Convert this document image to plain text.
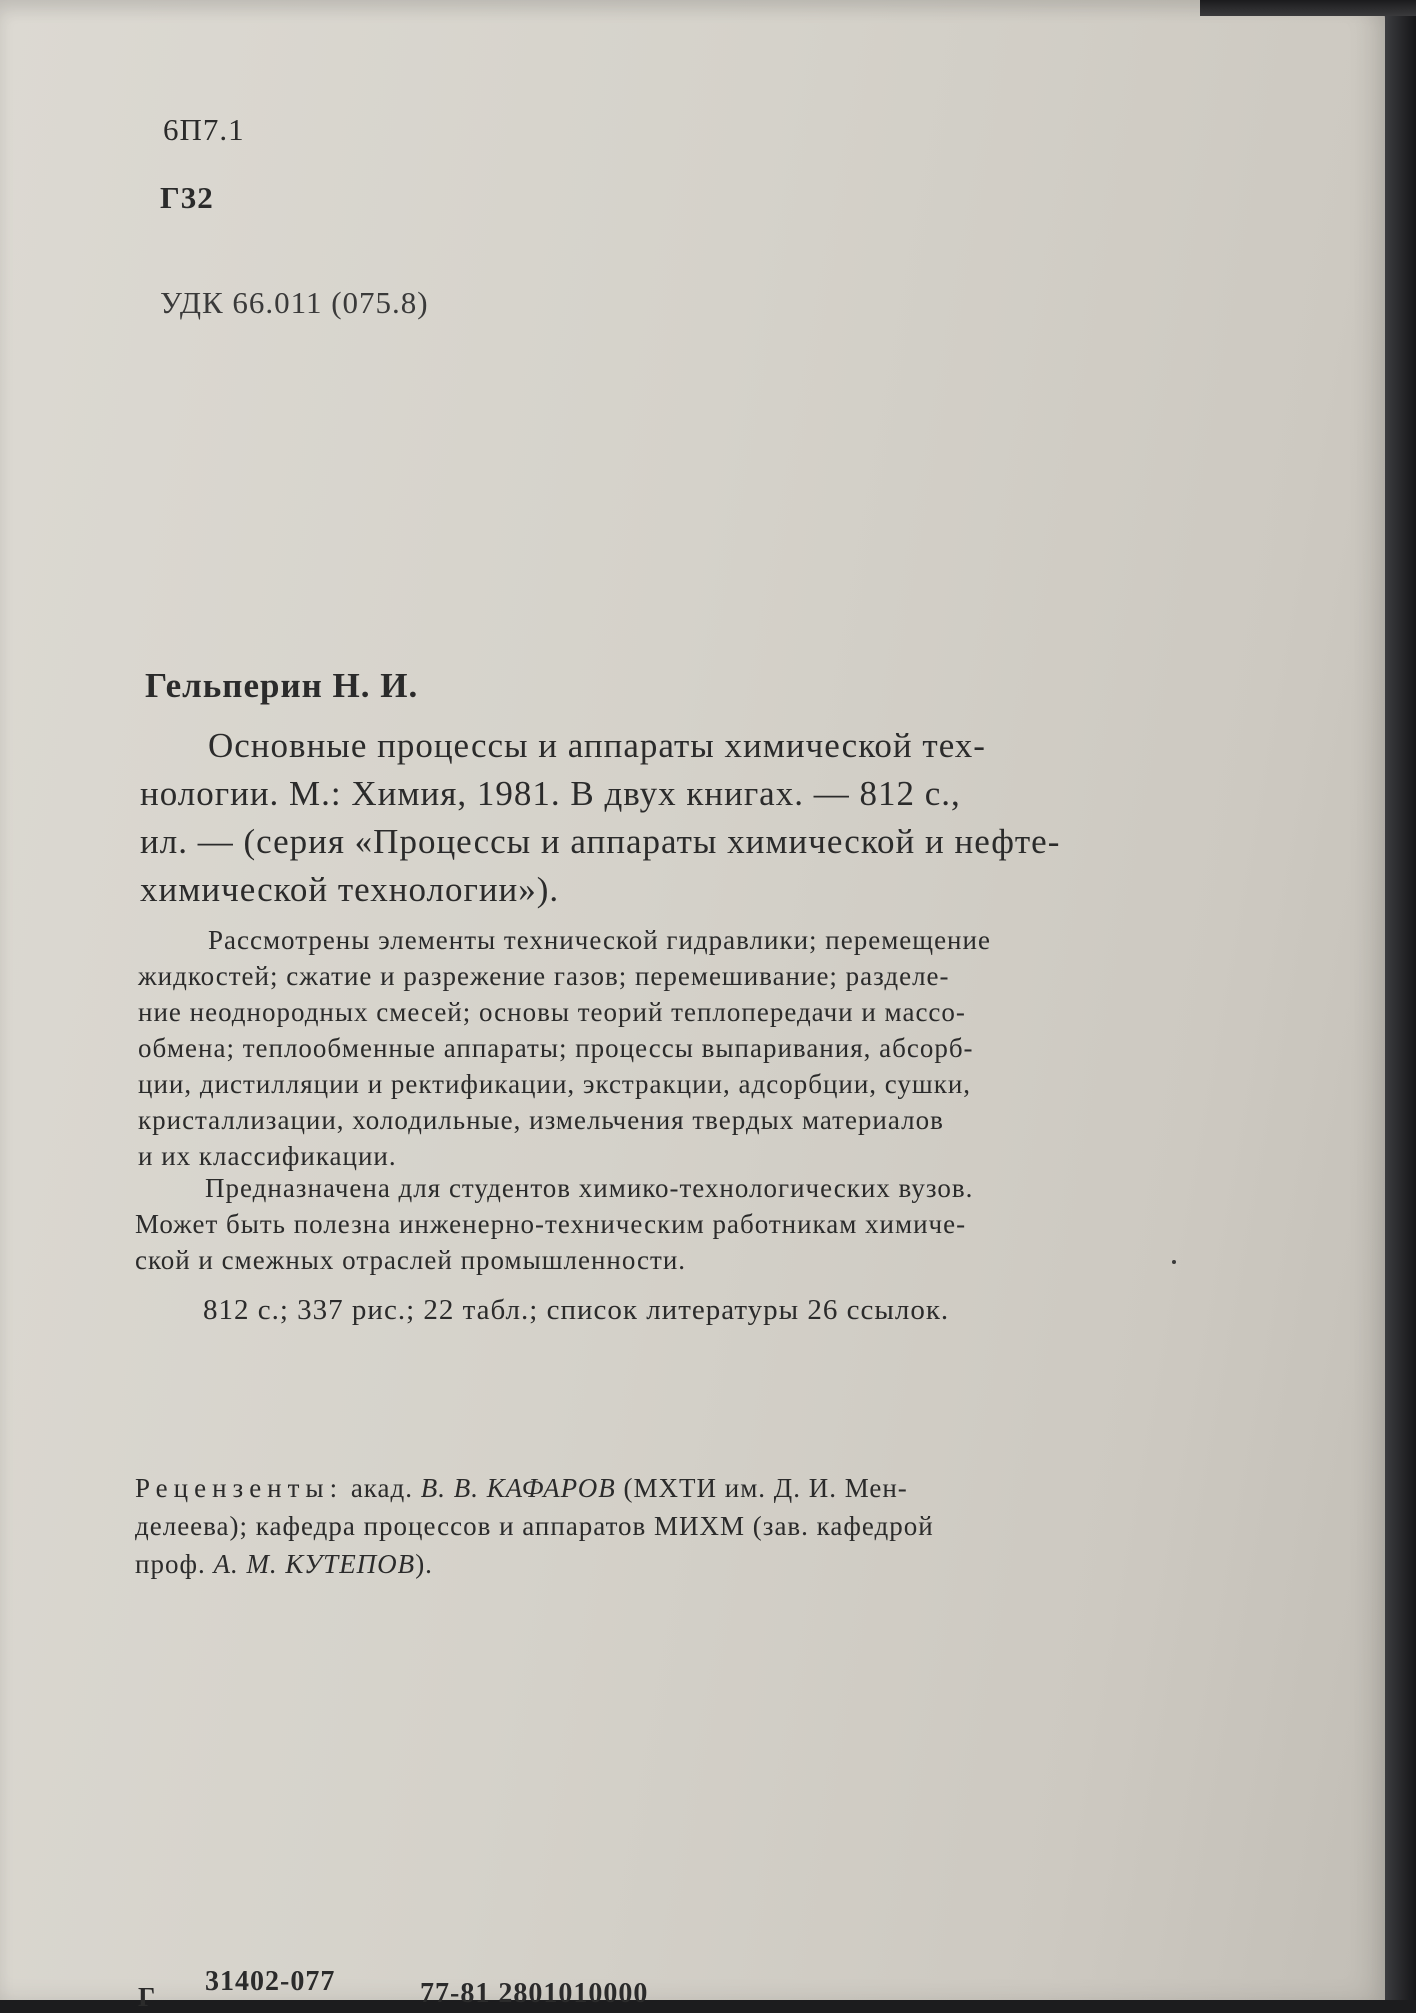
6П7.1

Г32

УДК 66.011 (075.8)

Гельперин Н. И.

Основные процессы и аппараты химической тех-
нологии. М.: Химия, 1981. В двух книгах. — 812 с.,
ил. — (серия «Процессы и аппараты химической и нефте-
химической технологии»).
Рассмотрены элементы технической гидравлики; перемещение
жидкостей; сжатие и разрежение газов; перемешивание; разделе-
ние неоднородных смесей; основы теорий теплопередачи и массо-
обмена; теплообменные аппараты; процессы выпаривания, абсорб-
ции, дистилляции и ректификации, экстракции, адсорбции, сушки,
кристаллизации, холодильные, измельчения твердых материалов
и их классификации.
Предназначена для студентов химико-технологических вузов.
Может быть полезна инженерно-техническим работникам химиче-
ской и смежных отраслей промышленности.

812 с.; 337 рис.; 22 табл.; список литературы 26 ссылок.

Рецензенты: акад. В. В. КАФАРОВ (МХТИ им. Д. И. Мен-
делеева); кафедра процессов и аппаратов МИХМ (зав. кафедрой
проф. А. М. КУТЕПОВ).

Г 31402-077	77-81 2801010000
